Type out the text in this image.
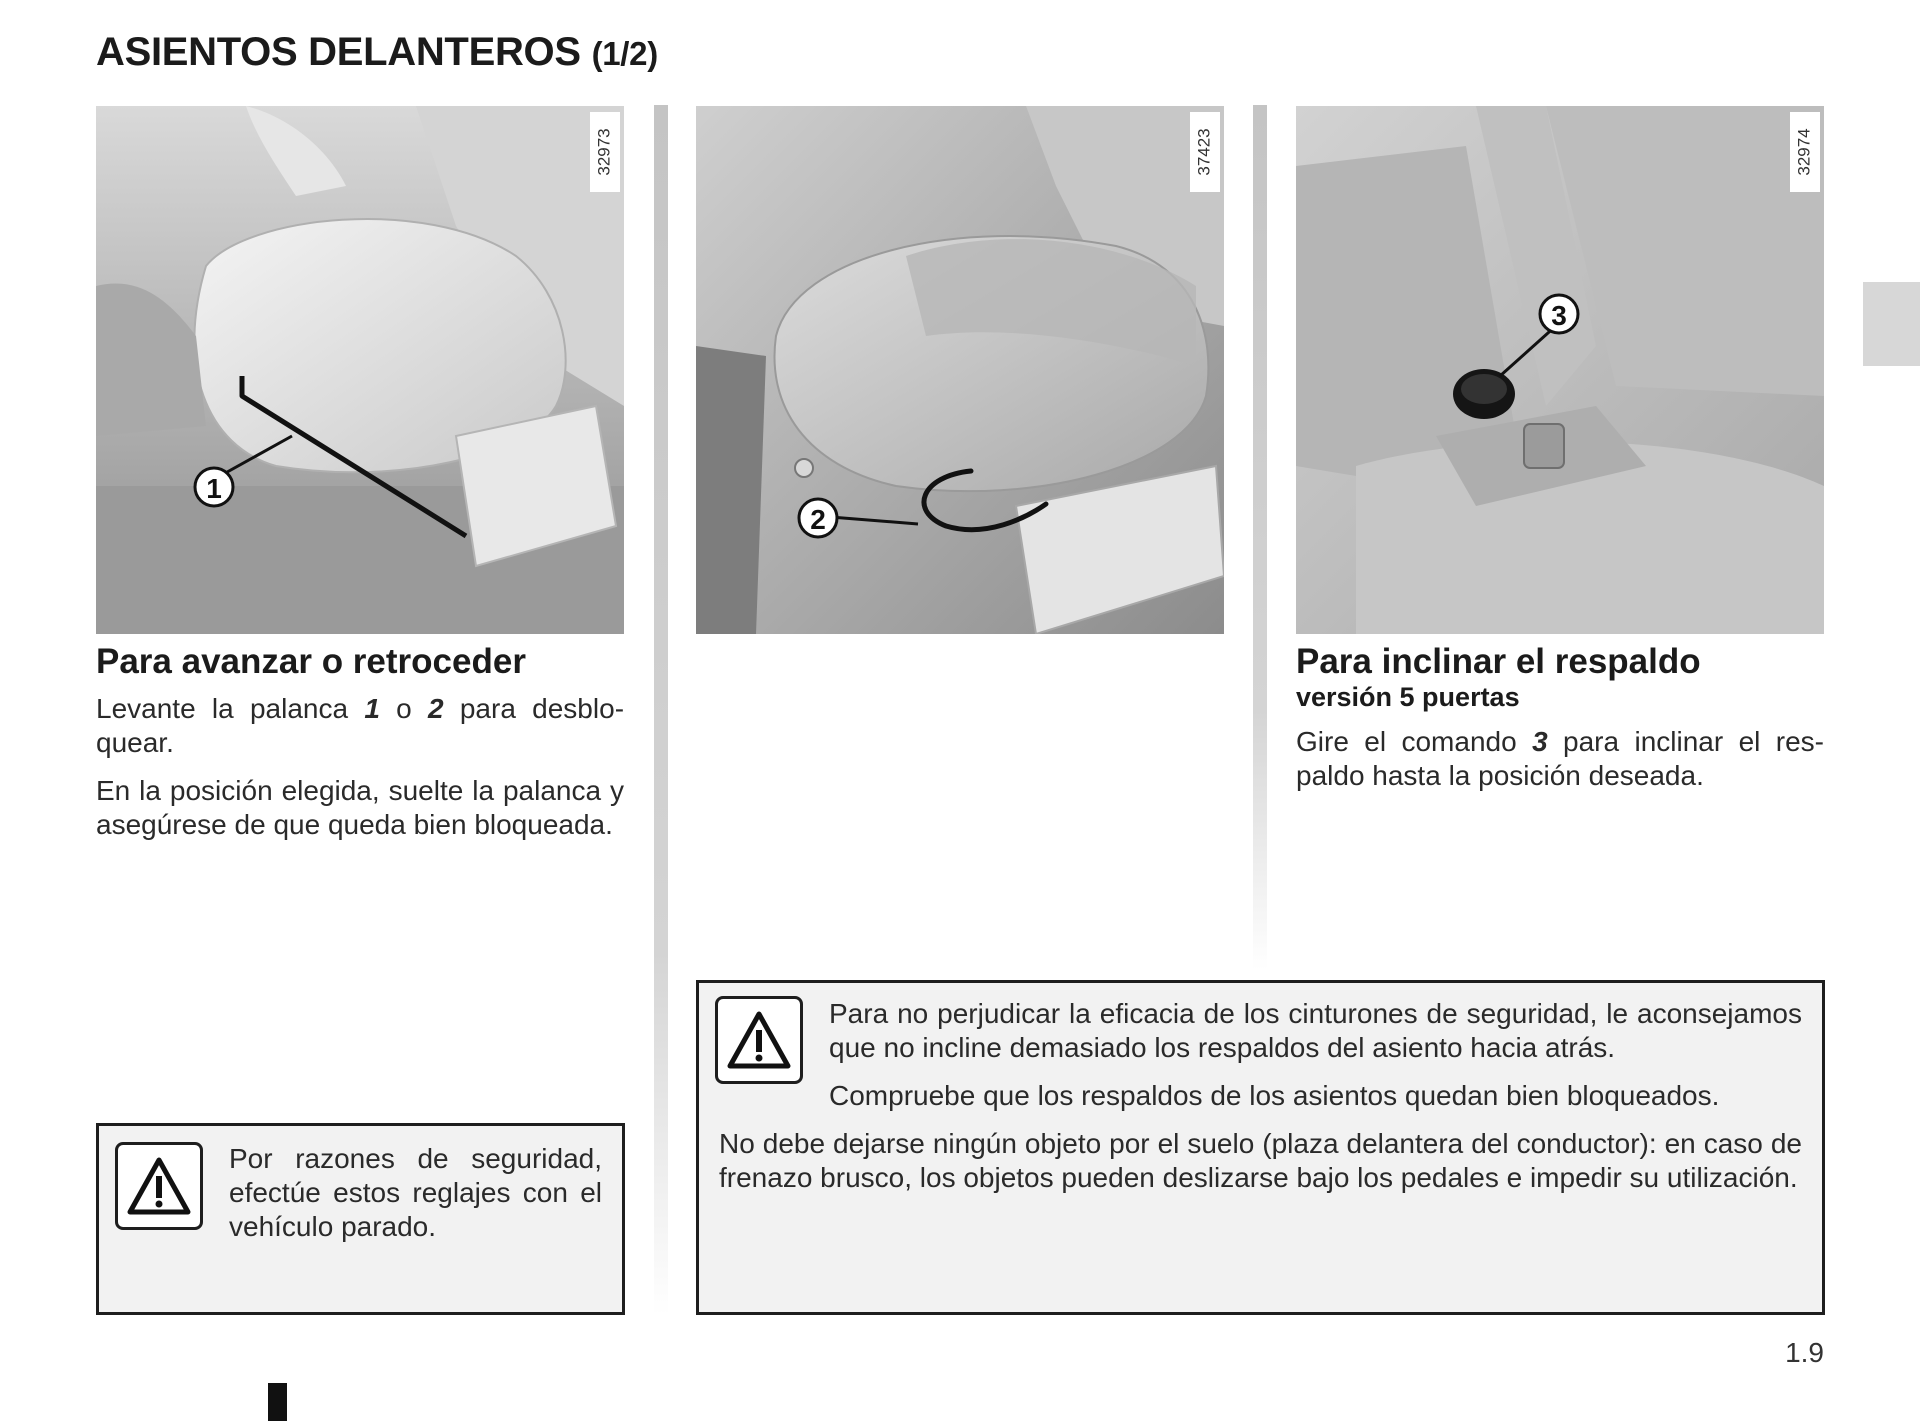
ASIENTOS DELANTEROS (1/2)
1
32973
2
37423
3
32974
Para avanzar o retroceder

Levante la palanca 1 o 2 para desbloquear.

En la posición elegida, suelte la palanca y asegúrese de que queda bien bloqueada.

Para inclinar el respaldo
versión 5 puertas

Gire el comando 3 para inclinar el respaldo hasta la posición deseada.

Por razones de seguridad, efectúe estos reglajes con el vehículo parado.

Para no perjudicar la eficacia de los cinturones de seguridad, le aconsejamos que no incline demasiado los respaldos del asiento hacia atrás.

Compruebe que los respaldos de los asientos quedan bien bloqueados.

No debe dejarse ningún objeto por el suelo (plaza delantera del conductor): en caso de frenazo brusco, los objetos pueden deslizarse bajo los pedales e impedir su utilización.

1.9
